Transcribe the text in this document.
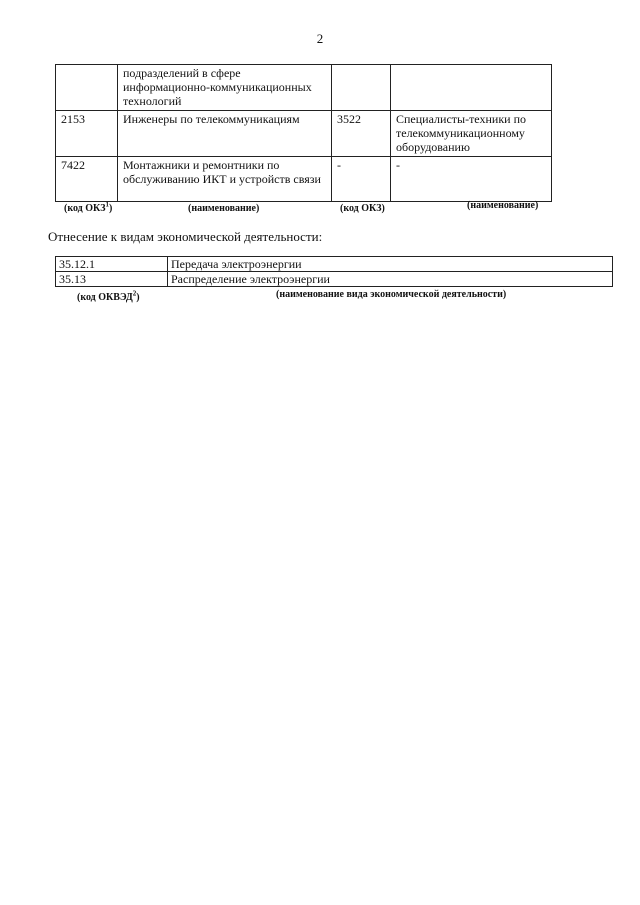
2
	подразделений в сфере информационно-коммуникационных технологий		
2153	Инженеры по телекоммуникациям	3522	Специалисты-техники по телекоммуникационному оборудованию
7422	Монтажники и ремонтники по обслуживанию ИКТ и устройств связи	-	-
(код ОКЗ$^1$)	(наименование)	(код ОКЗ)	(наименование)
Отнесение к видам экономической деятельности:
35.12.1	Передача электроэнергии
35.13	Распределение электроэнергии
(код ОКВЭД$^2$)	(наименование вида экономической деятельности)
